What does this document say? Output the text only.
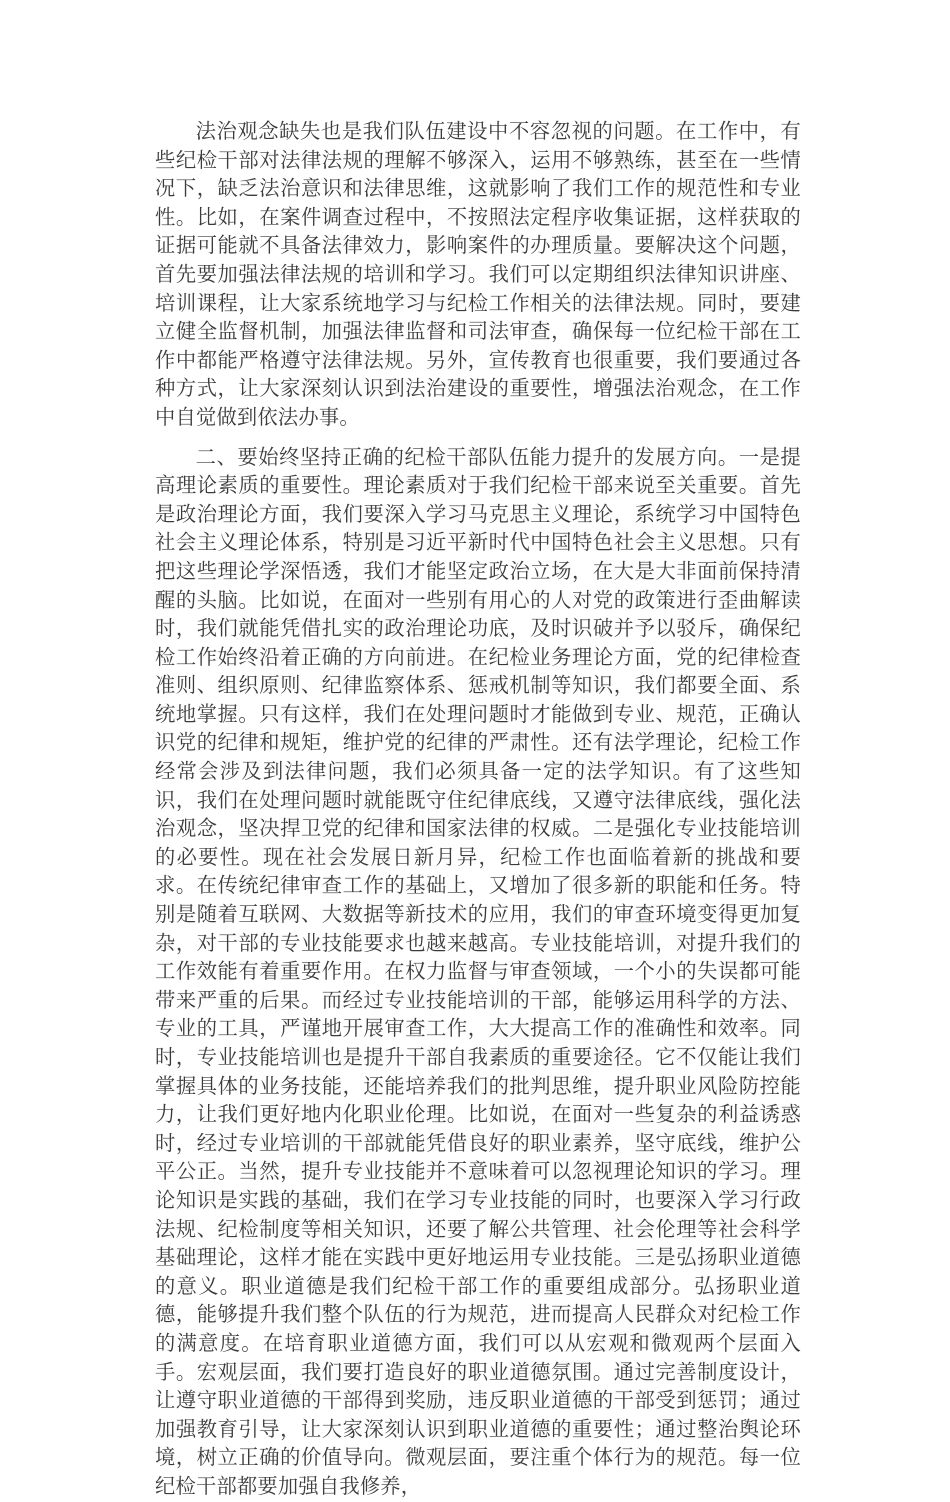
法治观念缺失也是我们队伍建设中不容忽视的问题。在工作中，有些纪检干部对法律法规的理解不够深入，运用不够熟练，甚至在一些情况下，缺乏法治意识和法律思维，这就影响了我们工作的规范性和专业性。比如，在案件调查过程中，不按照法定程序收集证据，这样获取的证据可能就不具备法律效力，影响案件的办理质量。要解决这个问题，首先要加强法律法规的培训和学习。我们可以定期组织法律知识讲座、培训课程，让大家系统地学习与纪检工作相关的法律法规。同时，要建立健全监督机制，加强法律监督和司法审查，确保每一位纪检干部在工作中都能严格遵守法律法规。另外，宣传教育也很重要，我们要通过各种方式，让大家深刻认识到法治建设的重要性，增强法治观念，在工作中自觉做到依法办事。

二、要始终坚持正确的纪检干部队伍能力提升的发展方向。一是提高理论素质的重要性。理论素质对于我们纪检干部来说至关重要。首先是政治理论方面，我们要深入学习马克思主义理论，系统学习中国特色社会主义理论体系，特别是习近平新时代中国特色社会主义思想。只有把这些理论学深悟透，我们才能坚定政治立场，在大是大非面前保持清醒的头脑。比如说，在面对一些别有用心的人对党的政策进行歪曲解读时，我们就能凭借扎实的政治理论功底，及时识破并予以驳斥，确保纪检工作始终沿着正确的方向前进。在纪检业务理论方面，党的纪律检查准则、组织原则、纪律监察体系、惩戒机制等知识，我们都要全面、系统地掌握。只有这样，我们在处理问题时才能做到专业、规范，正确认识党的纪律和规矩，维护党的纪律的严肃性。还有法学理论，纪检工作经常会涉及到法律问题，我们必须具备一定的法学知识。有了这些知识，我们在处理问题时就能既守住纪律底线，又遵守法律底线，强化法治观念，坚决捍卫党的纪律和国家法律的权威。二是强化专业技能培训的必要性。现在社会发展日新月异，纪检工作也面临着新的挑战和要求。在传统纪律审查工作的基础上，又增加了很多新的职能和任务。特别是随着互联网、大数据等新技术的应用，我们的审查环境变得更加复杂，对干部的专业技能要求也越来越高。专业技能培训，对提升我们的工作效能有着重要作用。在权力监督与审查领域，一个小的失误都可能带来严重的后果。而经过专业技能培训的干部，能够运用科学的方法、专业的工具，严谨地开展审查工作，大大提高工作的准确性和效率。同时，专业技能培训也是提升干部自我素质的重要途径。它不仅能让我们掌握具体的业务技能，还能培养我们的批判思维，提升职业风险防控能力，让我们更好地内化职业伦理。比如说，在面对一些复杂的利益诱惑时，经过专业培训的干部就能凭借良好的职业素养，坚守底线，维护公平公正。当然，提升专业技能并不意味着可以忽视理论知识的学习。理论知识是实践的基础，我们在学习专业技能的同时，也要深入学习行政法规、纪检制度等相关知识，还要了解公共管理、社会伦理等社会科学基础理论，这样才能在实践中更好地运用专业技能。三是弘扬职业道德的意义。职业道德是我们纪检干部工作的重要组成部分。弘扬职业道德，能够提升我们整个队伍的行为规范，进而提高人民群众对纪检工作的满意度。在培育职业道德方面，我们可以从宏观和微观两个层面入手。宏观层面，我们要打造良好的职业道德氛围。通过完善制度设计，让遵守职业道德的干部得到奖励，违反职业道德的干部受到惩罚；通过加强教育引导，让大家深刻认识到职业道德的重要性；通过整治舆论环境，树立正确的价值导向。微观层面，要注重个体行为的规范。每一位纪检干部都要加强自我修养，
